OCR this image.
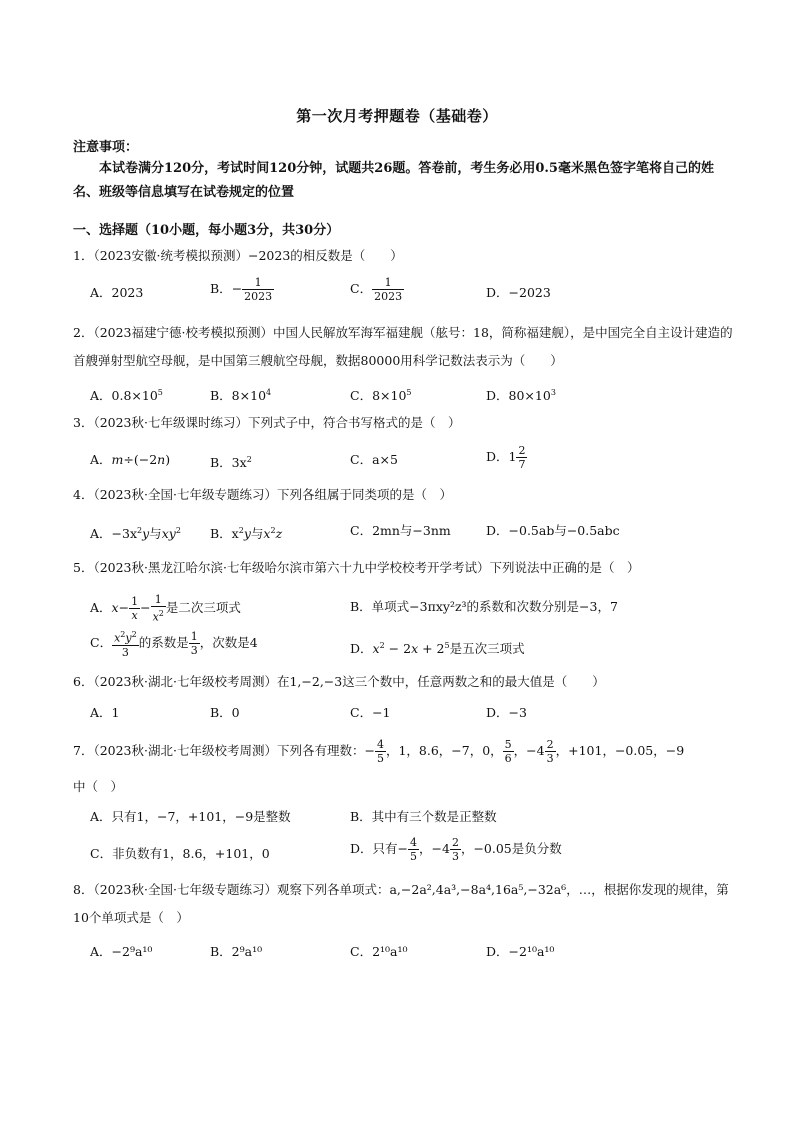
第一次月考押题卷（基础卷）
注意事项：
本试卷满分120分，考试时间120分钟，试题共26题。答卷前，考生务必用0.5毫米黑色签字笔将自己的姓名、班级等信息填写在试卷规定的位置
一、选择题（10小题，每小题3分，共30分）
1．（2023安徽·统考模拟预测）−2023的相反数是（　　）
A．2023	B．− $\frac{1}{2023}$	C． $\frac{1}{2023}$	D．−2023
2．（2023福建宁德·校考模拟预测）中国人民解放军海军福建舰（舷号：18，简称福建舰），是中国完全自主设计建造的首艘弹射型航空母舰，是中国第三艘航空母舰，数据80000用科学记数法表示为（　　）
A．$0.8\times 10^5$	B．$8\times 10^4$	C．$8\times 10^5$	D．$80\times 10^3$
3．（2023秋·七年级课时练习）下列式子中，符合书写格式的是（　）
A．m÷(−2n)	B．$3x^2$	C．a×5	D．$1 \frac{2}{7}$
4．（2023秋·全国·七年级专题练习）下列各组属于同类项的是（　）
A．$-3x^2y$与$xy^2$ B．$x^2y$与$x^2z$	C．2mn与−3nm	D．−0.5ab与−0.5abc
5．（2023秋·黑龙江哈尔滨·七年级哈尔滨市第六十九中学校校考开学考试）下列说法中正确的是（　）
A．$x- \frac{1}{x} - \frac{1}{x^2}$ 是二次三项式	B．单项式−3πxy²z³的系数和次数分别是−3，7
C． $\frac{x^2y^2}{3}$ 的系数是 $\frac{1}{3}$ ，次数是4	D．$x^2 - 2x + 2^5$是五次三项式
6．（2023秋·湖北·七年级校考周测）在1,−2,−3这三个数中，任意两数之和的最大值是（　　）
A．1	B．0	C．−1	D．−3
7．（2023秋·湖北·七年级校考周测）下列各有理数：− $\frac{4}{5}$ ，1，8.6，−7，0， $\frac{5}{6}$ ，$-4 \frac{2}{3}$ ，+101，−0.05，−9
中（　）
A．只有1，−7，+101，−9是整数	B．其中有三个数是正整数
C．非负数有1，8.6，+101，0	D．只有− $\frac{4}{5}$ ，$-4 \frac{2}{3}$ ，−0.05是负分数
8．（2023秋·全国·七年级专题练习）观察下列各单项式：a,−2a²,4a³,−8a⁴,16a⁵,−32a⁶，…，根据你发现的规律，第10个单项式是（　）
A．−2⁹a¹⁰	B．2⁹a¹⁰	C．2¹⁰a¹⁰	D．−2¹⁰a¹⁰
